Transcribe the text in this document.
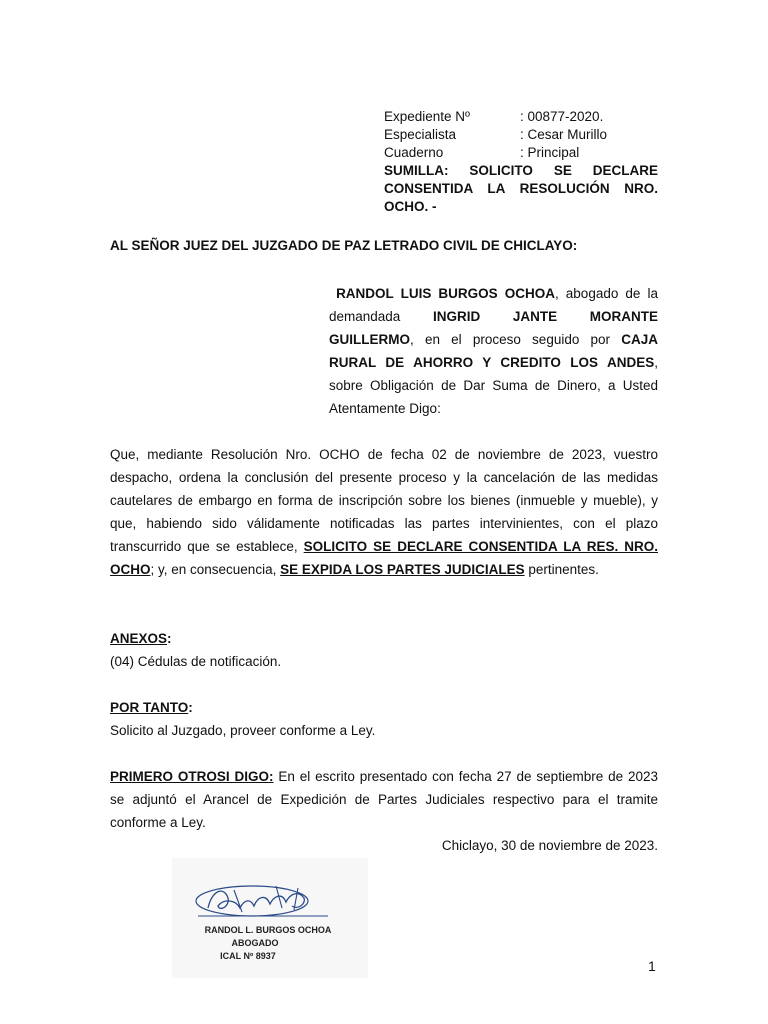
Expediente Nº	: 00877-2020.
Especialista	: Cesar Murillo
Cuaderno	: Principal
SUMILLA: SOLICITO SE DECLARE
CONSENTIDA LA RESOLUCIÓN NRO.
OCHO. -
AL SEÑOR JUEZ DEL JUZGADO DE PAZ LETRADO CIVIL DE CHICLAYO:
RANDOL LUIS BURGOS OCHOA, abogado de la demandada INGRID JANTE MORANTE GUILLERMO, en el proceso seguido por CAJA RURAL DE AHORRO Y CREDITO LOS ANDES, sobre Obligación de Dar Suma de Dinero, a Usted Atentamente Digo:
Que, mediante Resolución Nro. OCHO de fecha 02 de noviembre de 2023, vuestro despacho, ordena la conclusión del presente proceso y la cancelación de las medidas cautelares de embargo en forma de inscripción sobre los bienes (inmueble y mueble), y que, habiendo sido válidamente notificadas las partes intervinientes, con el plazo transcurrido que se establece, SOLICITO SE DECLARE CONSENTIDA LA RES. NRO. OCHO; y, en consecuencia, SE EXPIDA LOS PARTES JUDICIALES pertinentes.
ANEXOS:
(04) Cédulas de notificación.
POR TANTO:
Solicito al Juzgado, proveer conforme a Ley.
PRIMERO OTROSI DIGO: En el escrito presentado con fecha 27 de septiembre de 2023 se adjuntó el Arancel de Expedición de Partes Judiciales respectivo para el tramite conforme a Ley.
Chiclayo, 30 de noviembre de 2023.
RANDOL L. BURGOS OCHOA
ABOGADO
ICAL Nº 8937
1
